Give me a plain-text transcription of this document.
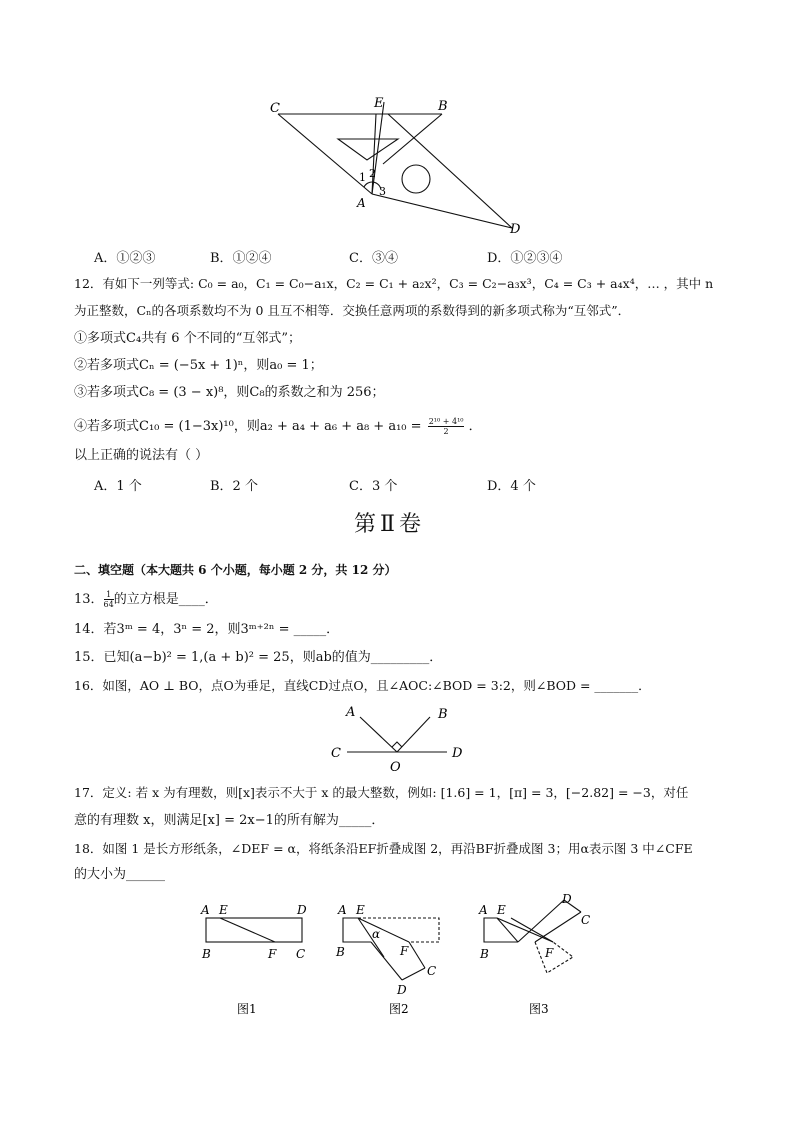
C	E	B
A
D
1 2
3
A．①②③	B．①②④	C．③④	D．①②③④
12．有如下一列等式: C₀ = a₀，C₁ = C₀−a₁x，C₂ = C₁ + a₂x²，C₃ = C₂−a₃x³，C₄ = C₃ + a₄x⁴，… ，其中 n
为正整数，Cₙ的各项系数均不为 0 且互不相等．交换任意两项的系数得到的新多项式称为“互邻式”．
①多项式C₄共有 6 个不同的“互邻式”；
②若多项式Cₙ = (−5x + 1)ⁿ，则a₀ = 1；
③若多项式C₈ = (3 − x)⁸，则C₈的系数之和为 256；
④若多项式C₁₀ = (1−3x)¹⁰，则$a_2 + a_4 + a_6 + a_8 + a_{10} = \frac{\text{2¹⁰ + 4¹⁰}}{2}$ ．
以上正确的说法有（ ）
A．1 个	B．2 个	C．3 个	D．4 个
第Ⅱ卷
二、填空题（本大题共 6 个小题，每小题 2 分，共 12 分）
13． $\frac{1}{64}$ 的立方根是____．
14．若3ᵐ = 4，3ⁿ = 2，则3ᵐ⁺²ⁿ = _____．
15．已知(a−b)² = 1,(a + b)² = 25，则ab的值为_________．
16．如图，AO ⊥ BO，点O为垂足，直线CD过点O，且∠AOC:∠BOD = 3:2，则∠BOD = _______．
A	B
C	D
O
17．定义: 若 x 为有理数，则[x]表示不大于 x 的最大整数，例如: [1.6] = 1，[π] = 3，[−2.82] = −3，对任
意的有理数 x，则满足[x] = 2x−1的所有解为_____．
18．如图 1 是长方形纸条，∠DEF = α，将纸条沿EF折叠成图 2，再沿BF折叠成图 3；用α表示图 3 中∠CFE
的大小为______
A E	D
B	F C
图1
A E
α
B	F
C
D
图2
A E
D
C
B	F
图3
